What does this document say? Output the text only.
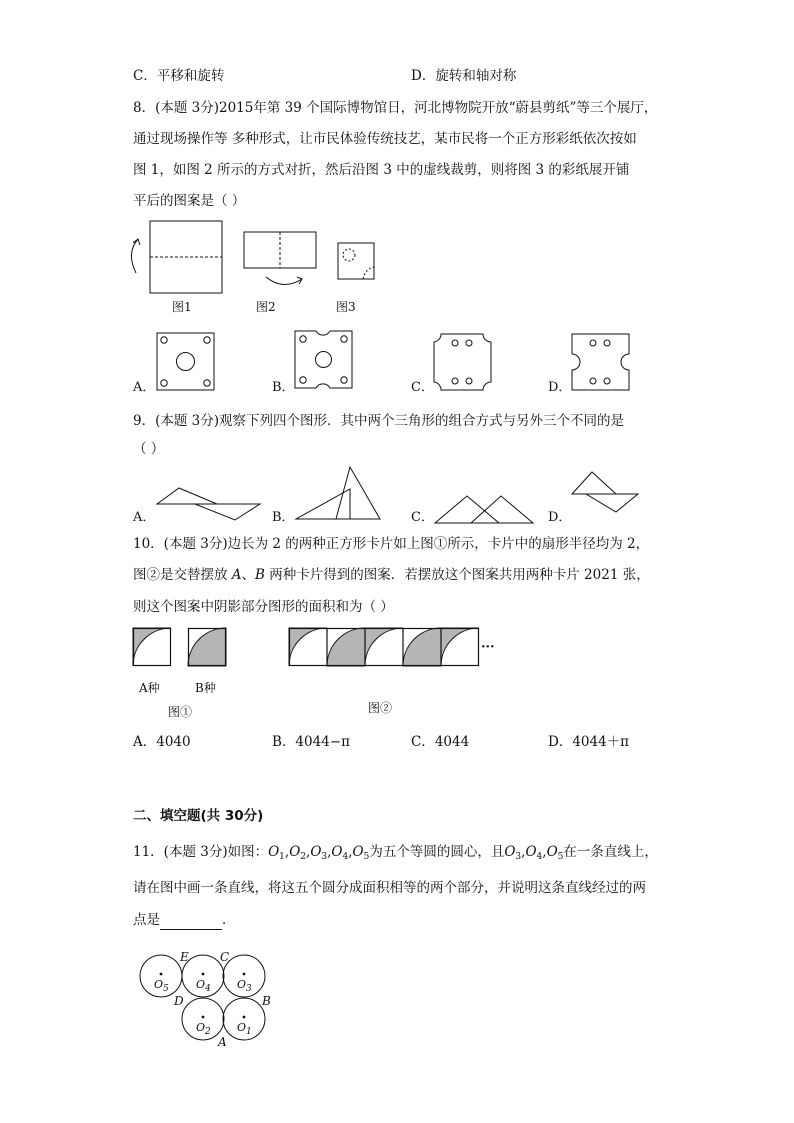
C．平移和旋转	D．旋转和轴对称
8．(本题 3分)2015年第 39 个国际博物馆日，河北博物院开放“蔚县剪纸”等三个展厅，
通过现场操作等 多种形式，让市民体验传统技艺，某市民将一个正方形彩纸依次按如
图 1，如图 2 所示的方式对折，然后沿图 3 中的虚线裁剪，则将图 3 的彩纸展开铺
平后的图案是（ ）
图1	图2	图3
A．	B．	C．	D．
9．(本题 3分)观察下列四个图形．其中两个三角形的组合方式与另外三个不同的是
（ ）
A．	B．	C．	D．
10．(本题 3分)边长为 2 的两种正方形卡片如上图①所示，卡片中的扇形半径均为 2，
图②是交替摆放 A、B 两种卡片得到的图案．若摆放这个图案共用两种卡片 2021 张，
则这个图案中阴影部分图形的面积和为（ ）
A种	B种
图①
···
图②
A．4040	B．4044−π	C．4044	D．4044＋π
二、填空题(共 30分)
11．(本题 3分)如图：$O_1,O_2,O_3,O_4,O_5$为五个等圆的圆心，且$O_3,O_4,O_5$在一条直线上，
请在图中画一条直线，将这五个圆分成面积相等的两个部分，并说明这条直线经过的两
点是	．
$O_5$ $O_4$ $O_3$
$O_2$ $O_1$
E	C
D	B
A
